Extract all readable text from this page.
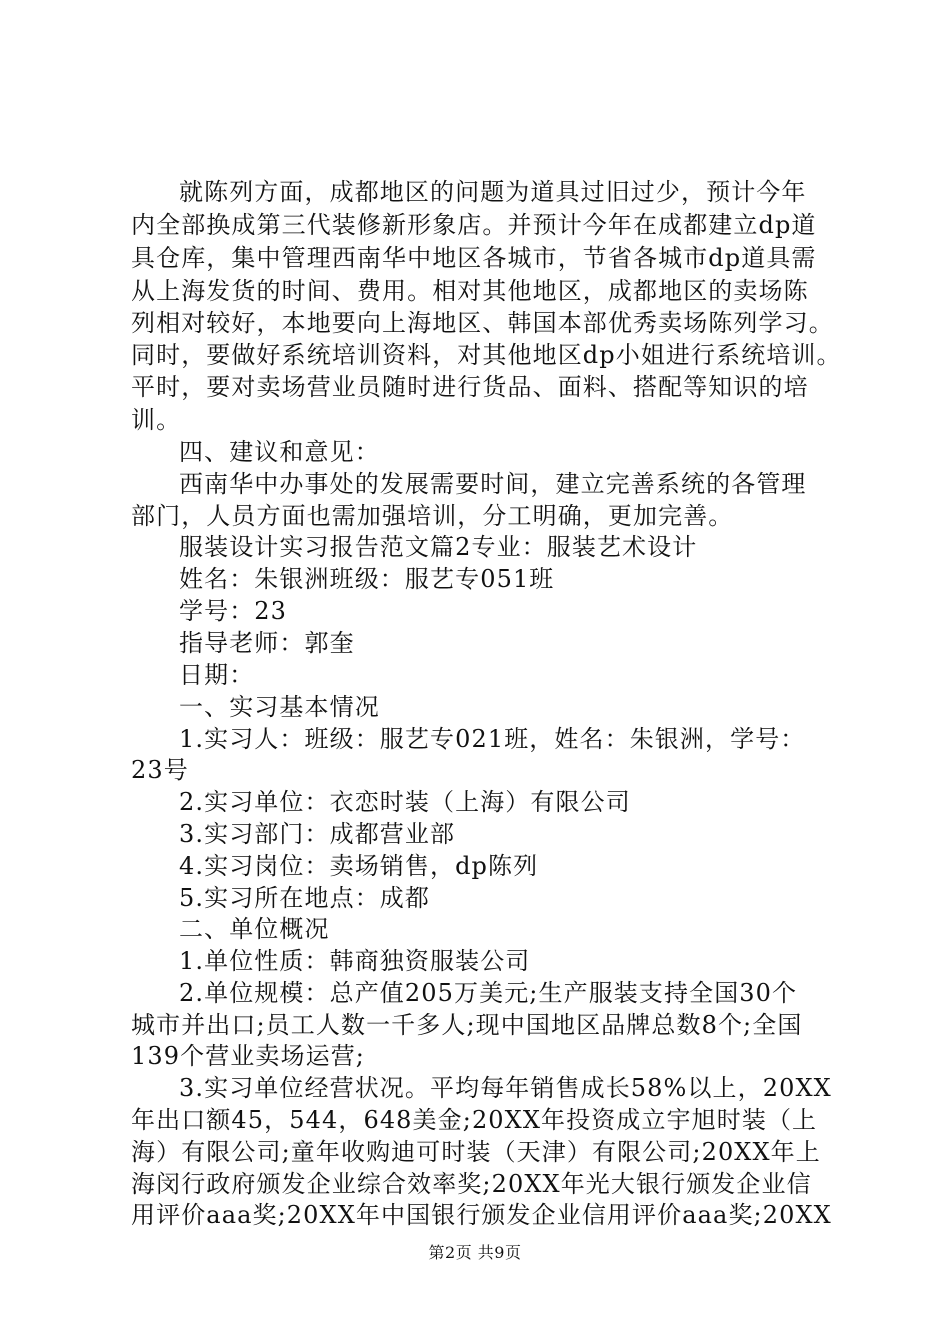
就陈列方面，成都地区的问题为道具过旧过少，预计今年
内全部换成第三代装修新形象店。并预计今年在成都建立dp道
具仓库，集中管理西南华中地区各城市，节省各城市dp道具需
从上海发货的时间、费用。相对其他地区，成都地区的卖场陈
列相对较好，本地要向上海地区、韩国本部优秀卖场陈列学习。
同时，要做好系统培训资料，对其他地区dp小姐进行系统培训。
平时，要对卖场营业员随时进行货品、面料、搭配等知识的培
训。
四、建议和意见：
西南华中办事处的发展需要时间，建立完善系统的各管理
部门，人员方面也需加强培训，分工明确，更加完善。
服装设计实习报告范文篇2专业：服装艺术设计
姓名：朱银洲班级：服艺专051班
学号：23
指导老师：郭奎
日期：
一、实习基本情况
1.实习人：班级：服艺专021班，姓名：朱银洲，学号：
23号
2.实习单位：衣恋时装（上海）有限公司
3.实习部门：成都营业部
4.实习岗位：卖场销售，dp陈列
5.实习所在地点：成都
二、单位概况
1.单位性质：韩商独资服装公司
2.单位规模：总产值205万美元;生产服装支持全国30个
城市并出口;员工人数一千多人;现中国地区品牌总数8个;全国
139个营业卖场运营;
3.实习单位经营状况。平均每年销售成长58%以上，20XX
年出口额45，544，648美金;20XX年投资成立宇旭时装（上
海）有限公司;童年收购迪可时装（天津）有限公司;20XX年上
海闵行政府颁发企业综合效率奖;20XX年光大银行颁发企业信
用评价aaa奖;20XX年中国银行颁发企业信用评价aaa奖;20XX
第2页 共9页
